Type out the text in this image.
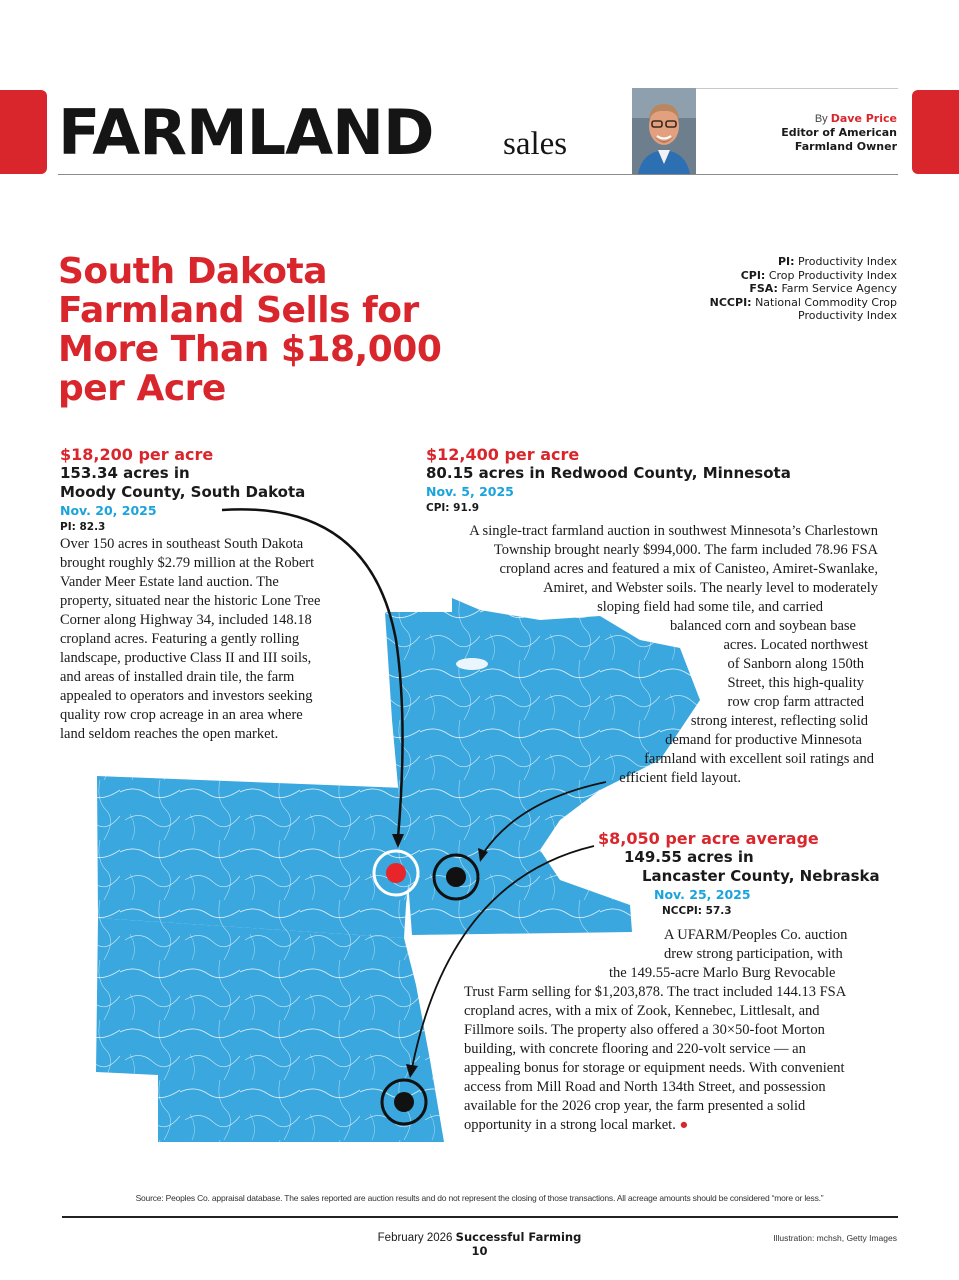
FARMLAND sales
By Dave Price
Editor of American
Farmland Owner
South Dakota
Farmland Sells for
More Than $18,000
per Acre
PI: Productivity Index
CPI: Crop Productivity Index
FSA: Farm Service Agency
NCCPI: National Commodity Crop
Productivity Index
$18,200 per acre
153.34 acres in
Moody County, South Dakota
Nov. 20, 2025
PI: 82.3
Over 150 acres in southeast South Dakota
brought roughly $2.79 million at the Robert
Vander Meer Estate land auction. The
property, situated near the historic Lone Tree
Corner along Highway 34, included 148.18
cropland acres. Featuring a gently rolling
landscape, productive Class II and III soils,
and areas of installed drain tile, the farm
appealed to operators and investors seeking
quality row crop acreage in an area where
land seldom reaches the open market.
$12,400 per acre
80.15 acres in Redwood County, Minnesota
Nov. 5, 2025
CPI: 91.9
A single-tract farmland auction in southwest Minnesota’s Charlestown
Township brought nearly $994,000. The farm included 78.96 FSA
cropland acres and featured a mix of Canisteo, Amiret-Swanlake,
Amiret, and Webster soils. The nearly level to moderately
sloping field had some tile, and carried
balanced corn and soybean base
acres. Located northwest
of Sanborn along 150th
Street, this high-quality
row crop farm attracted
strong interest, reflecting solid
demand for productive Minnesota
farmland with excellent soil ratings and
efficient field layout.
$8,050 per acre average
149.55 acres in
Lancaster County, Nebraska
Nov. 25, 2025
NCCPI: 57.3
A UFARM/Peoples Co. auction
drew strong participation, with
the 149.55-acre Marlo Burg Revocable
Trust Farm selling for $1,203,878. The tract included 144.13 FSA
cropland acres, with a mix of Zook, Kennebec, Littlesalt, and
Fillmore soils. The property also offered a 30×50-foot Morton
building, with concrete flooring and 220-volt service — an
appealing bonus for storage or equipment needs. With convenient
access from Mill Road and North 134th Street, and possession
available for the 2026 crop year, the farm presented a solid
opportunity in a strong local market. ●
Source: Peoples Co. appraisal database. The sales reported are auction results and do not represent the closing of those transactions. All acreage amounts should be considered “more or less.”
February 2026 Successful Farming
10
Illustration: mchsh, Getty Images
